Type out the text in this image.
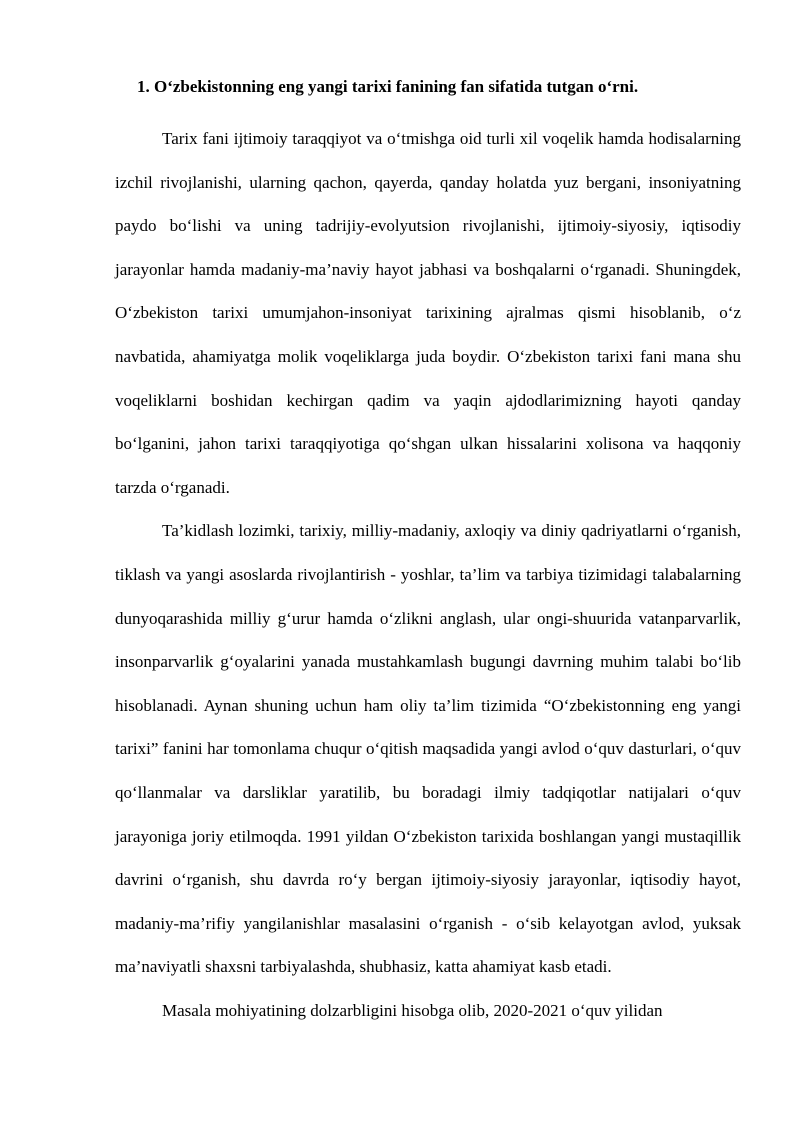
1. O‘zbekistonning eng yangi tarixi fanining fan sifatida tutgan o‘rni.

Tarix fani ijtimoiy taraqqiyot va o‘tmishga oid turli xil voqelik hamda hodisalarning izchil rivojlanishi, ularning qachon, qayerda, qanday holatda yuz bergani, insoniyatning paydo bo‘lishi va uning tadrijiy-evolyutsion rivojlanishi, ijtimoiy-siyosiy, iqtisodiy jarayonlar hamda madaniy-ma’naviy hayot jabhasi va boshqalarni o‘rganadi. Shuningdek, O‘zbekiston tarixi umumjahon-insoniyat tarixining ajralmas qismi hisoblanib, o‘z navbatida, ahamiyatga molik voqeliklarga juda boydir. O‘zbekiston tarixi fani mana shu voqeliklarni boshidan kechirgan qadim va yaqin ajdodlarimizning hayoti qanday bo‘lganini, jahon tarixi taraqqiyotiga qo‘shgan ulkan hissalarini xolisona va haqqoniy tarzda o‘rganadi.

Ta’kidlash lozimki, tarixiy, milliy-madaniy, axloqiy va diniy qadriyatlarni o‘rganish, tiklash va yangi asoslarda rivojlantirish - yoshlar, ta’lim va tarbiya tizimidagi talabalarning dunyoqarashida milliy g‘urur hamda o‘zlikni anglash, ular ongi-shuurida vatanparvarlik, insonparvarlik g‘oyalarini yanada mustahkamlash bugungi davrning muhim talabi bo‘lib hisoblanadi. Aynan shuning uchun ham oliy ta’lim tizimida “O‘zbekistonning eng yangi tarixi” fanini har tomonlama chuqur o‘qitish maqsadida yangi avlod o‘quv dasturlari, o‘quv qo‘llanmalar va darsliklar yaratilib, bu boradagi ilmiy tadqiqotlar natijalari o‘quv jarayoniga joriy etilmoqda. 1991 yildan O‘zbekiston tarixida boshlangan yangi mustaqillik davrini o‘rganish, shu davrda ro‘y bergan ijtimoiy-siyosiy jarayonlar, iqtisodiy hayot, madaniy-ma’rifiy yangilanishlar masalasini o‘rganish - o‘sib kelayotgan avlod, yuksak ma’naviyatli shaxsni tarbiyalashda, shubhasiz, katta ahamiyat kasb etadi.

Masala mohiyatining dolzarbligini hisobga olib, 2020-2021 o‘quv yilidan
